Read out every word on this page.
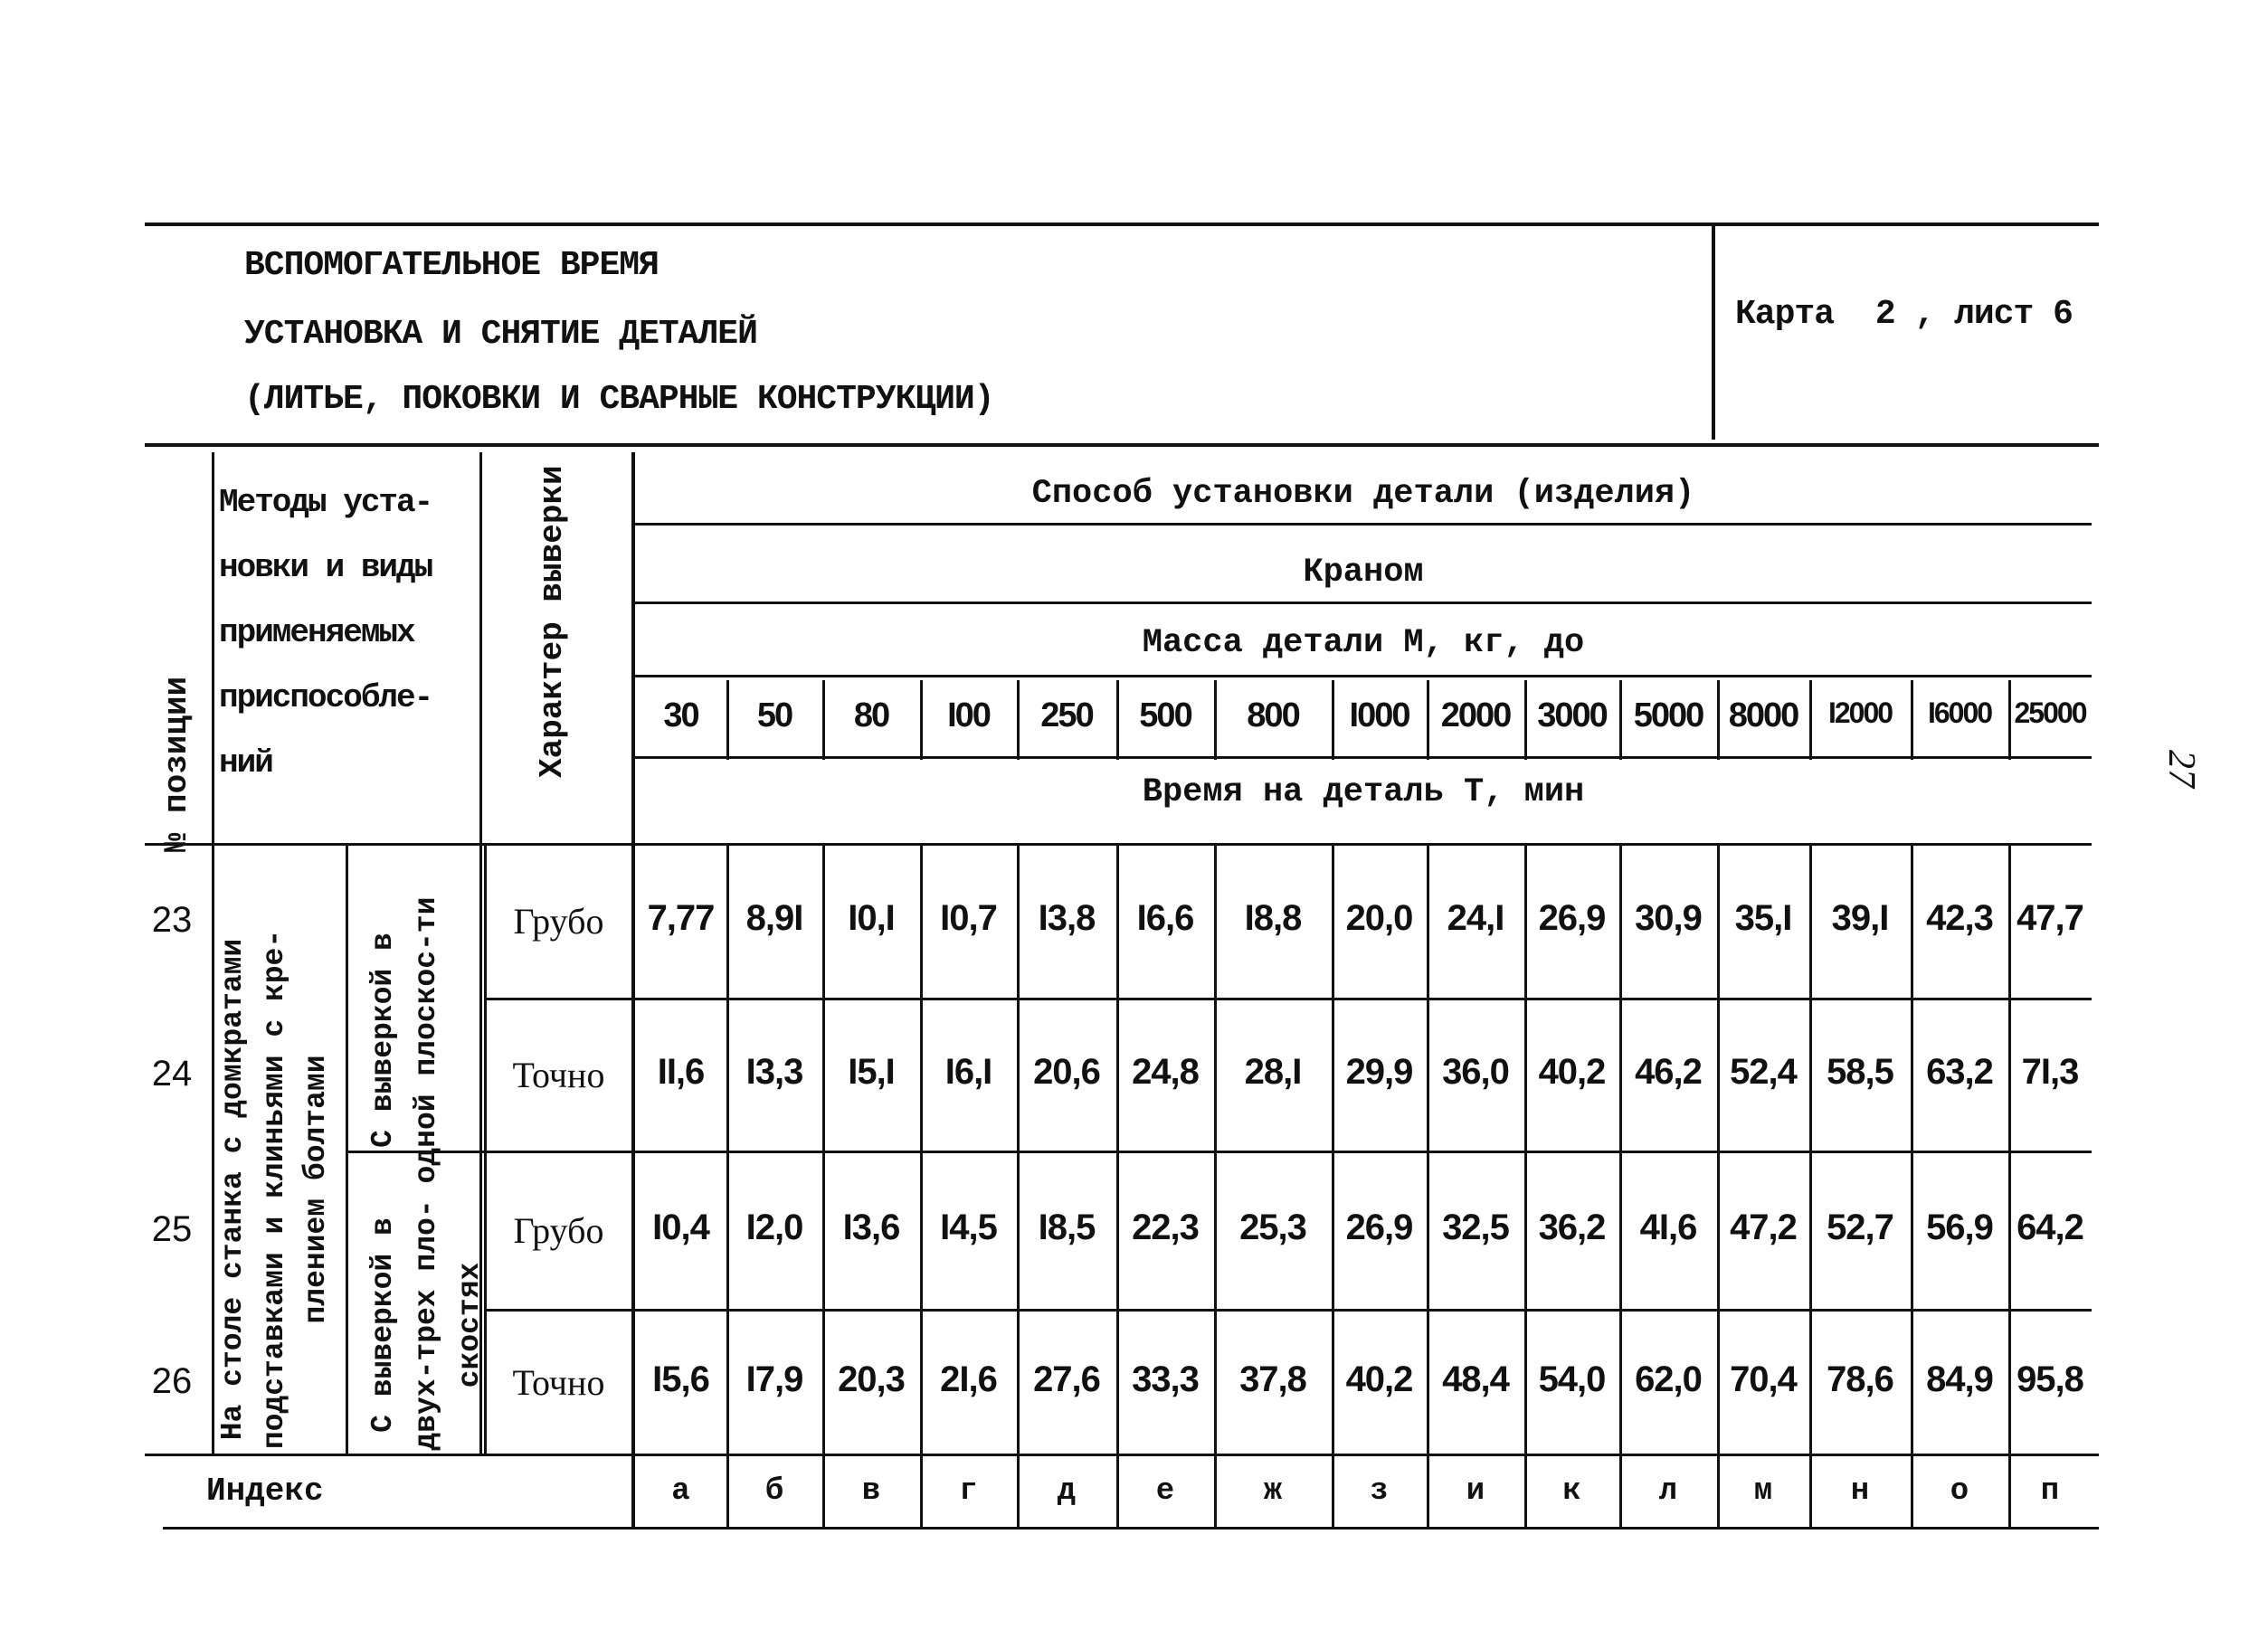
ВСПОМОГАТЕЛЬНОЕ ВРЕМЯ
УСТАНОВКА И СНЯТИЕ ДЕТАЛЕЙ
(ЛИТЬЕ, ПОКОВКИ И СВАРНЫЕ КОНСТРУКЦИИ)
Карта 2 , лист 6
27
№ позиции
Методы уста-
новки и виды
применяемых
приспособле-
ний	Характер выверки	Способ установки детали (изделия)
Краном
Масса детали М, кг, до
Время на деталь Т, мин
30	50	80	I00	250	500	800	I000 2000 3000 5000 8000	I2000	I6000 25000
На столе станка с домкратами подставками и клиньями с кре-плением болтами
С выверкой в одной плоскос-ти
С выверкой в двух-трех пло-скостях
23	Грубо	7,77 8,9I	I0,I	I0,7	I3,8	I6,6	I8,8	20,0 24,I 26,9 30,9 35,I	39,I	42,3 47,7
24	Точно	II,6	I3,3	I5,I	I6,I	20,6 24,8	28,I	29,9 36,0 40,2 46,2 52,4 58,5 63,2 7I,3
25	Грубо	I0,4	I2,0	I3,6	I4,5	I8,5	22,3	25,3	26,9 32,5 36,2 4I,6 47,2 52,7 56,9 64,2
26	Точно	I5,6	I7,9 20,3 2I,6	27,6 33,3	37,8	40,2 48,4 54,0 62,0 70,4 78,6 84,9 95,8
Индекс	а	б	в	г	д	е	ж	з	и	к	л	м	н	о	п
